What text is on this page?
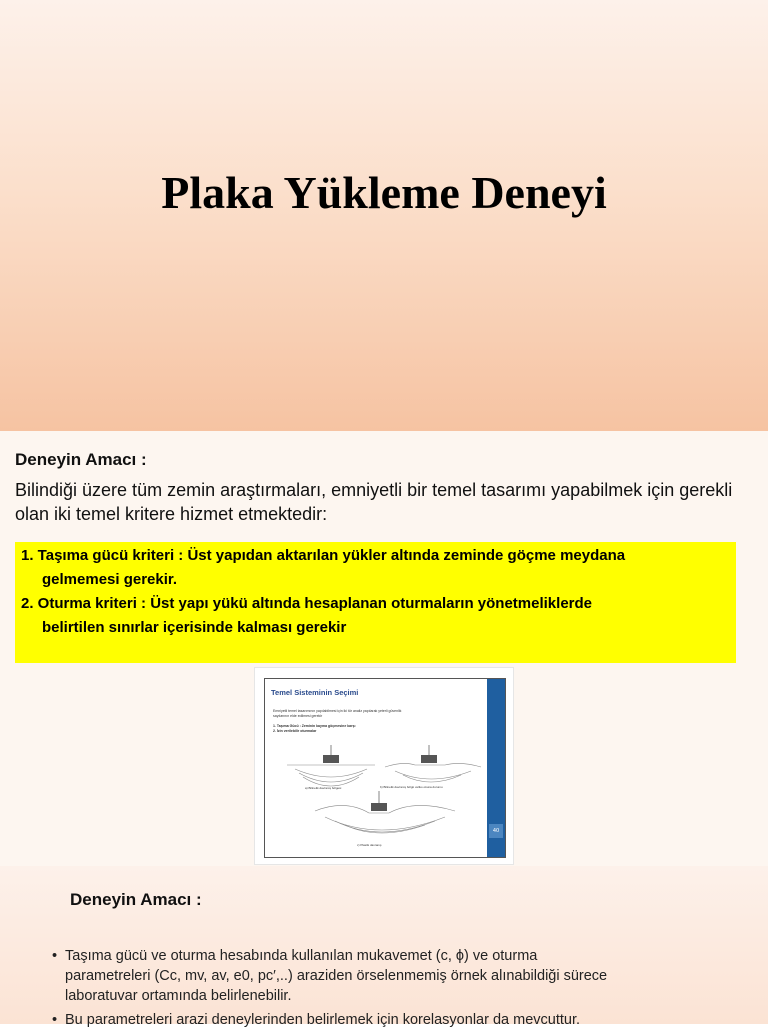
Plaka Yükleme Deneyi
Deneyin Amacı :
Bilindiği üzere tüm zemin araştırmaları, emniyetli bir temel tasarımı yapabilmek için gerekli olan iki temel kritere hizmet etmektedir:
1. Taşıma gücü kriteri : Üst yapıdan aktarılan yükler altında zeminde göçme meydana
gelmemesi gerekir.
2. Oturma kriteri : Üst yapı yükü altında hesaplanan oturmaların yönetmeliklerde
belirtilen sınırlar içerisinde kalması gerekir
Temel Sisteminin Seçimi
Emniyetli temel tasarımının yapılabilmesi için iki tür analiz yapılarak yeterli güvenlik
sayılarının elde edilmesi gerekir
1. Taşıma Gücü : Zeminin kayma göçmesine karşı
2. İzin verilebilir oturmalar
a) Bilinelik davranış bölgesi	b) Bilinelik davranış bölgü veliko okuna durumu
c) Plastik davranış
40
Deneyin Amacı :
• Taşıma gücü ve oturma hesabında kullanılan mukavemet (c, ϕ) ve oturma
parametreleri (Cc, mv, av, e0, pc′,..) araziden örselenmemiş örnek alınabildiği sürece
laboratuvar ortamında belirlenebilir.
• Bu parametreleri arazi deneylerinden belirlemek için korelasyonlar da mevcuttur.
